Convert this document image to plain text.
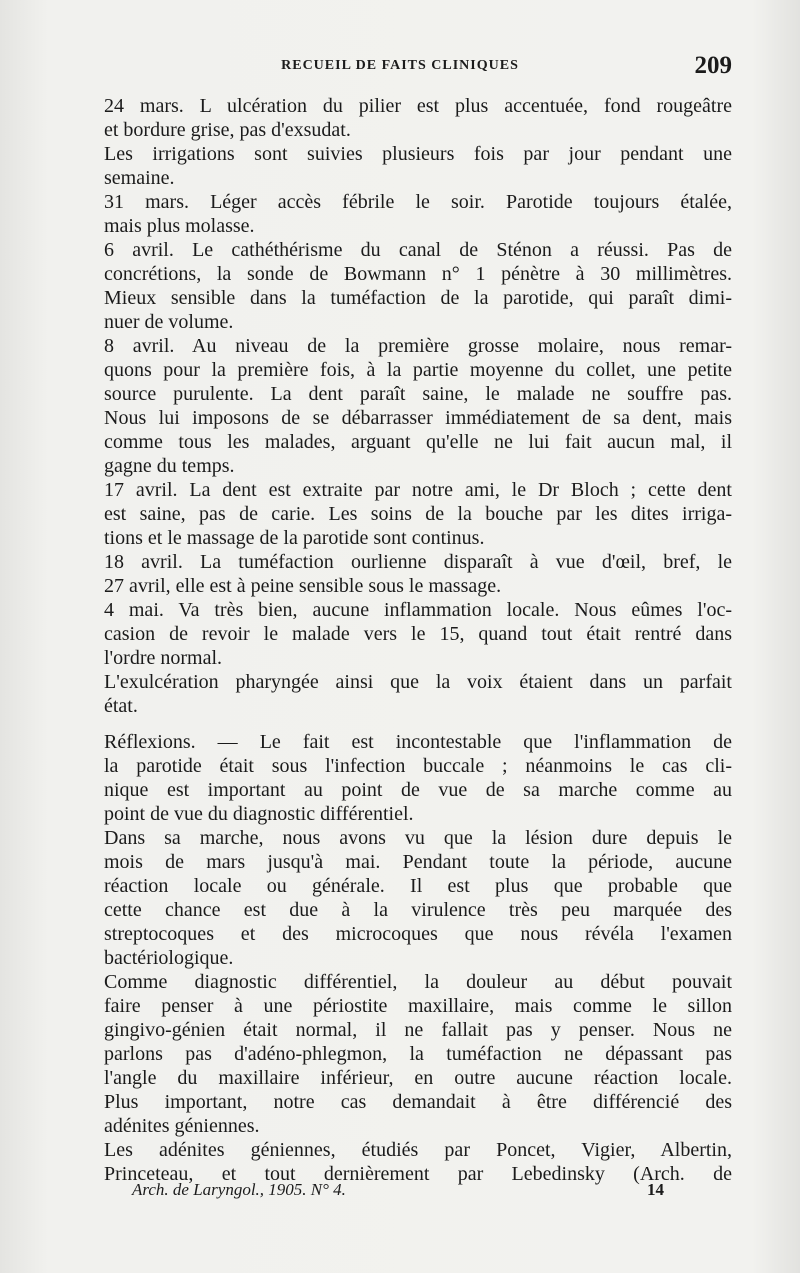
RECUEIL DE FAITS CLINIQUES	209
24 mars. L ulcération du pilier est plus accentuée, fond rougeâtre
et bordure grise, pas d'exsudat.
Les irrigations sont suivies plusieurs fois par jour pendant une
semaine.
31 mars. Léger accès fébrile le soir. Parotide toujours étalée,
mais plus molasse.
6 avril. Le cathéthérisme du canal de Sténon a réussi. Pas de
concrétions, la sonde de Bowmann n° 1 pénètre à 30 millimètres.
Mieux sensible dans la tuméfaction de la parotide, qui paraît dimi-
nuer de volume.
8 avril. Au niveau de la première grosse molaire, nous remar-
quons pour la première fois, à la partie moyenne du collet, une petite
source purulente. La dent paraît saine, le malade ne souffre pas.
Nous lui imposons de se débarrasser immédiatement de sa dent, mais
comme tous les malades, arguant qu'elle ne lui fait aucun mal, il
gagne du temps.
17 avril. La dent est extraite par notre ami, le Dr Bloch ; cette dent
est saine, pas de carie. Les soins de la bouche par les dites irriga-
tions et le massage de la parotide sont continus.
18 avril. La tuméfaction ourlienne disparaît à vue d'œil, bref, le
27 avril, elle est à peine sensible sous le massage.
4 mai. Va très bien, aucune inflammation locale. Nous eûmes l'oc-
casion de revoir le malade vers le 15, quand tout était rentré dans
l'ordre normal.
L'exulcération pharyngée ainsi que la voix étaient dans un parfait
état.
Réflexions. — Le fait est incontestable que l'inflammation de
la parotide était sous l'infection buccale ; néanmoins le cas cli-
nique est important au point de vue de sa marche comme au
point de vue du diagnostic différentiel.
Dans sa marche, nous avons vu que la lésion dure depuis le
mois de mars jusqu'à mai. Pendant toute la période, aucune
réaction locale ou générale. Il est plus que probable que
cette chance est due à la virulence très peu marquée des
streptocoques et des microcoques que nous révéla l'examen
bactériologique.
Comme diagnostic différentiel, la douleur au début pouvait
faire penser à une périostite maxillaire, mais comme le sillon
gingivo-génien était normal, il ne fallait pas y penser. Nous ne
parlons pas d'adéno-phlegmon, la tuméfaction ne dépassant pas
l'angle du maxillaire inférieur, en outre aucune réaction locale.
Plus important, notre cas demandait à être différencié des
adénites géniennes.
Les adénites géniennes, étudiés par Poncet, Vigier, Albertin,
Princeteau, et tout dernièrement par Lebedinsky (Arch. de
Arch. de Laryngol., 1905. N° 4.	14
